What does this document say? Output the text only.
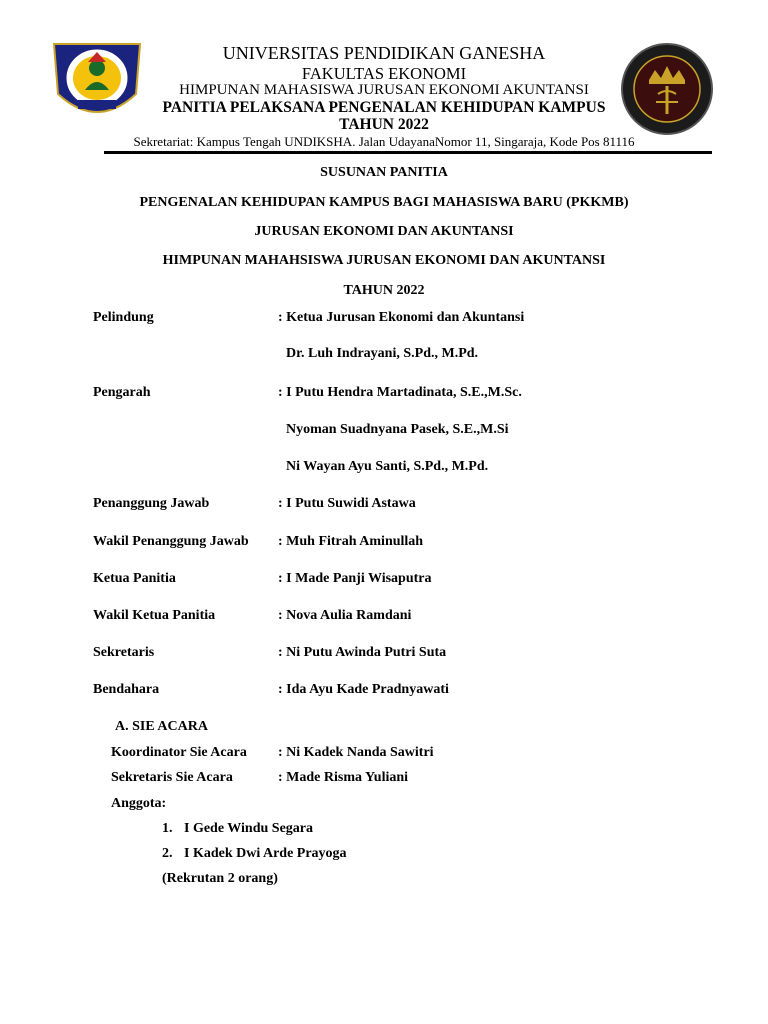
UNIVERSITAS PENDIDIKAN GANESHA
FAKULTAS EKONOMI
HIMPUNAN MAHASISWA JURUSAN EKONOMI AKUNTANSI
PANITIA PELAKSANA PENGENALAN KEHIDUPAN KAMPUS
TAHUN 2022
Sekretariat: Kampus Tengah UNDIKSHA. Jalan UdayanaNomor 11, Singaraja, Kode Pos 81116
SUSUNAN PANITIA
PENGENALAN KEHIDUPAN KAMPUS BAGI MAHASISWA BARU (PKKMB)
JURUSAN EKONOMI DAN AKUNTANSI
HIMPUNAN MAHAHSISWA JURUSAN EKONOMI DAN AKUNTANSI
TAHUN 2022
Pelindung	: Ketua Jurusan Ekonomi dan Akuntansi
Dr. Luh Indrayani, S.Pd., M.Pd.
Pengarah	: I Putu Hendra Martadinata, S.E.,M.Sc.
Nyoman Suadnyana Pasek, S.E.,M.Si
Ni Wayan Ayu Santi, S.Pd., M.Pd.
Penanggung Jawab	: I Putu Suwidi Astawa
Wakil Penanggung Jawab : Muh Fitrah Aminullah
Ketua Panitia	: I Made Panji Wisaputra
Wakil Ketua Panitia	: Nova Aulia Ramdani
Sekretaris	: Ni Putu Awinda Putri Suta
Bendahara	: Ida Ayu Kade Pradnyawati
A. SIE ACARA
Koordinator Sie Acara : Ni Kadek Nanda Sawitri
Sekretaris Sie Acara	: Made Risma Yuliani
Anggota:
1. I Gede Windu Segara
2. I Kadek Dwi Arde Prayoga
(Rekrutan 2 orang)
